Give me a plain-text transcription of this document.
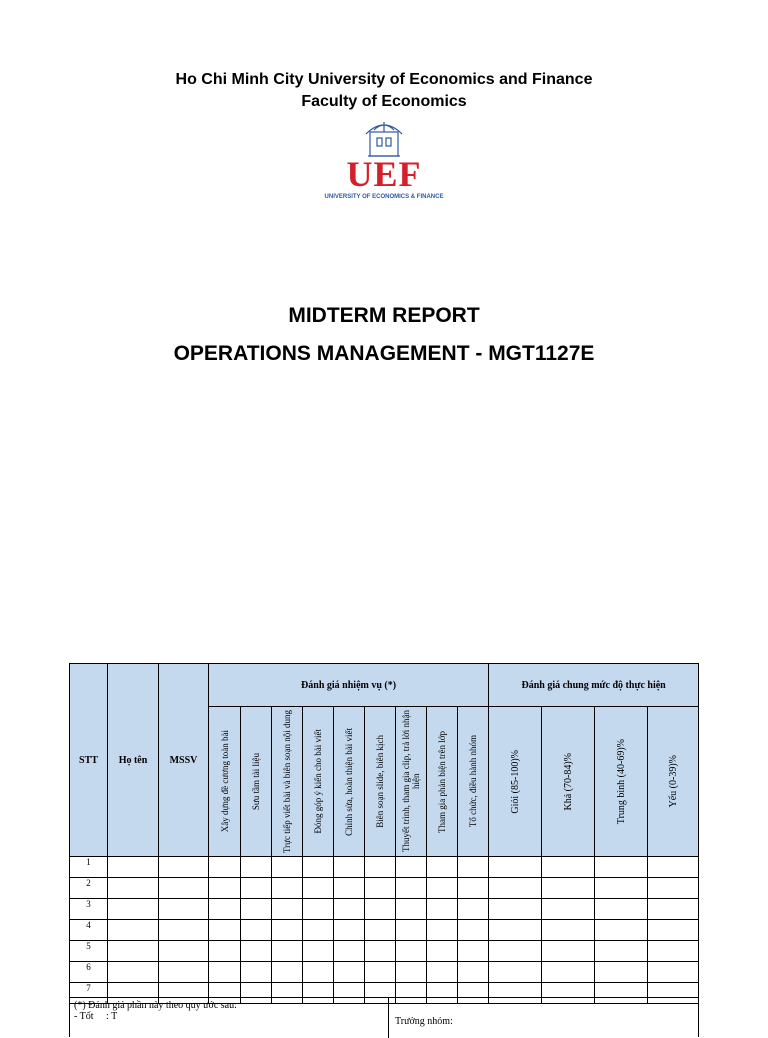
Ho Chi Minh City University of Economics and Finance
Faculty of Economics
UEF
UNIVERSITY OF ECONOMICS & FINANCE
MIDTERM REPORT
OPERATIONS MANAGEMENT - MGT1127E
STT	Họ tên	MSSV	Đánh giá nhiệm vụ (*)									Đánh giá chung mức độ thực hiện			

			Xây dựng đề cương toàn bài	Sưu tầm tài liệu	Trực tiếp viết bài và biên soạn nội dung	Đóng góp ý kiến cho bài viết	Chỉnh sửa, hoàn thiện bài viết	Biên soạn slide, biên kịch	Thuyết trình, tham gia clip, trả lời nhận hiện	Tham gia phản biện trên lớp	Tổ chức, điều hành nhóm	Giỏi (85-100)%	Khá (70-84)%	Trung bình (40-69)%	Yếu (0-39)%

1															
2															
3															
4															
5															
6															
7															
(*) Đánh giá phần này theo quy ước sau:
- Tốt     : T	Trưởng nhóm:
